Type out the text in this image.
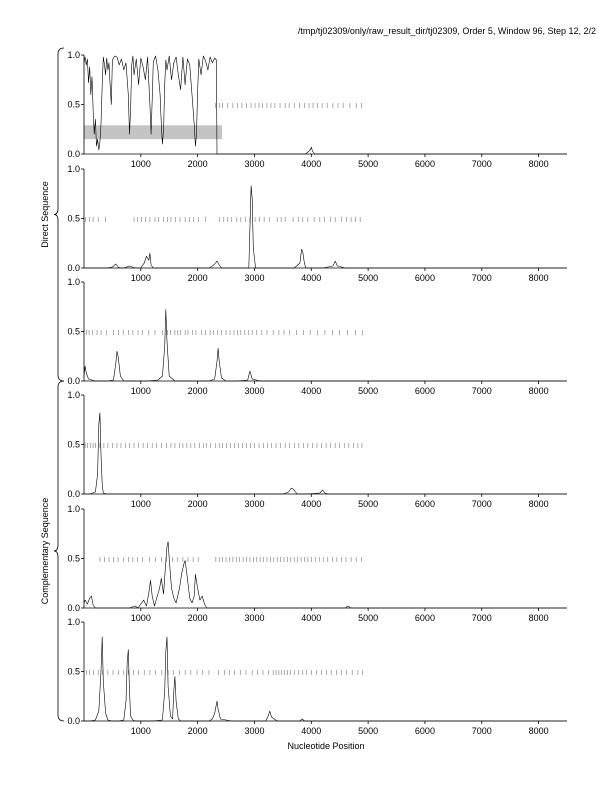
/tmp/tj02309/only/raw_result_dir/tj02309, Order 5, Window 96, Step 12, 2/2
0.0
0.5
1.0
1000	2000	3000	4000	5000	6000	7000	8000
0.0
0.5
1.0
1000	2000	3000	4000	5000	6000	7000	8000
0.0
0.5
1.0
1000	2000	3000	4000	5000	6000	7000	8000
0.0
0.5
1.0
1000	2000	3000	4000	5000	6000	7000	8000
0.0
0.5
1.0
1000	2000	3000	4000	5000	6000	7000	8000
0.0
0.5
1.0
1000	2000	3000	4000	5000	6000	7000	8000
Direct Sequence
Complementary Sequence
Nucleotide Position
